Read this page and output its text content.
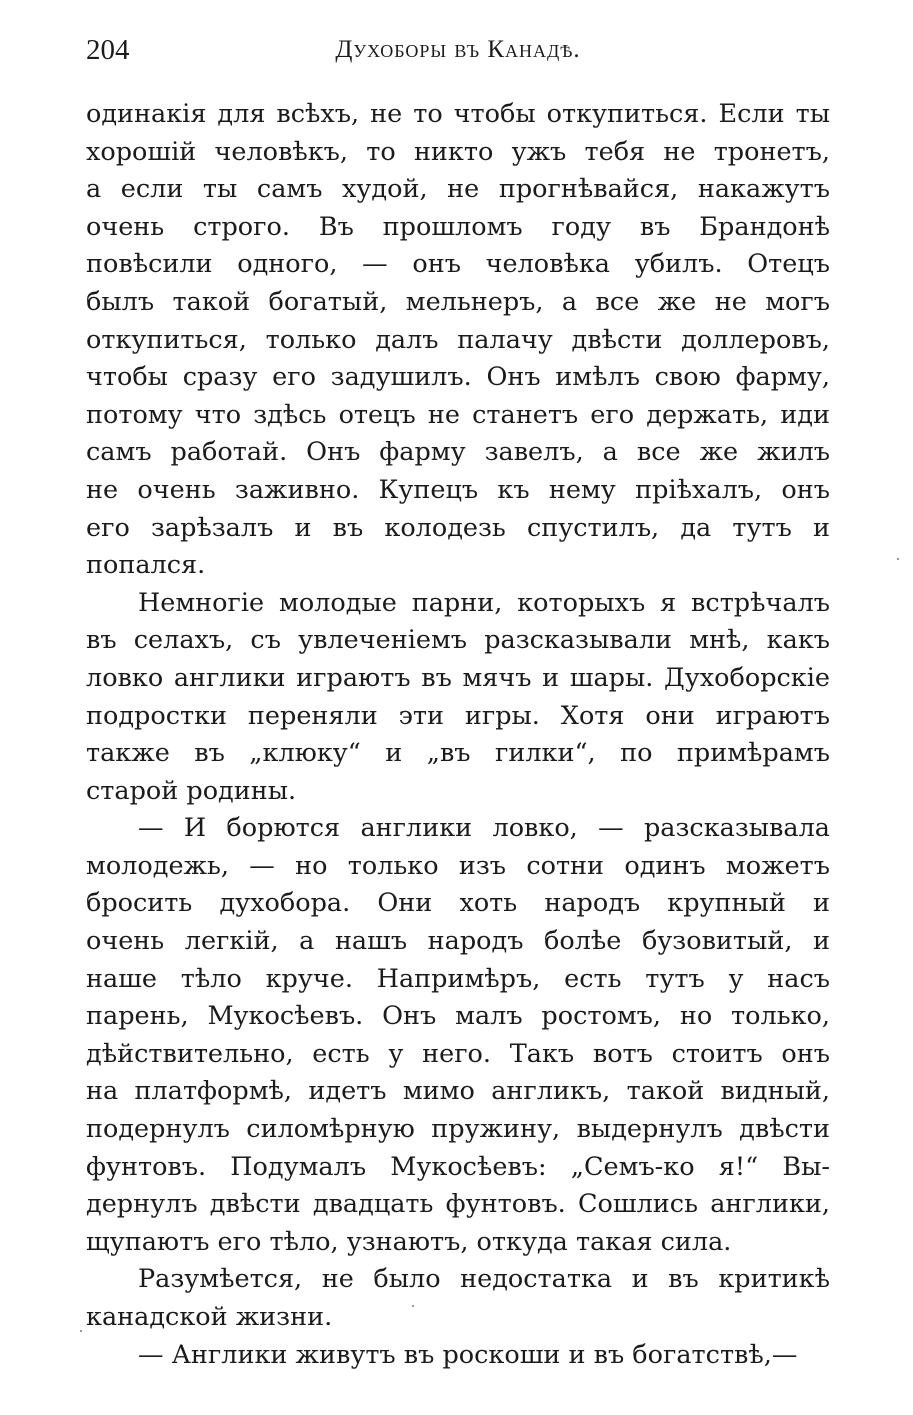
204	Духоборы въ Канадѣ.
одинакія для всѣхъ, не то чтобы откупиться. Если ты
хорошій человѣкъ, то никто ужъ тебя не тронетъ,
а если ты самъ худой, не прогнѣвайся, накажутъ
очень строго. Въ прошломъ году въ Брандонѣ
повѣсили одного, — онъ человѣка убилъ. Отецъ
былъ такой богатый, мельнеръ, а все же не могъ
откупиться, только далъ палачу двѣсти доллеровъ,
чтобы сразу его задушилъ. Онъ имѣлъ свою фарму,
потому что здѣсь отецъ не станетъ его держать, иди
самъ работай. Онъ фарму завелъ, а все же жилъ
не очень заживно. Купецъ къ нему пріѣхалъ, онъ
его зарѣзалъ и въ колодезь спустилъ, да тутъ и
попался.
Немногіе молодые парни, которыхъ я встрѣчалъ
въ селахъ, съ увлеченіемъ разсказывали мнѣ, какъ
ловко англики играютъ въ мячъ и шары. Духоборскіе
подростки переняли эти игры. Хотя они играютъ
также въ „клюку“ и „въ гилки“, по примѣрамъ
старой родины.
— И борются англики ловко, — разсказывала
молодежь, — но только изъ сотни одинъ можетъ
бросить духобора. Они хоть народъ крупный и
очень легкій, а нашъ народъ болѣе бузовитый, и
наше тѣло круче. Напримѣръ, есть тутъ у насъ
парень, Мукосѣевъ. Онъ малъ ростомъ, но только,
дѣйствительно, есть у него. Такъ вотъ стоитъ онъ
на платформѣ, идетъ мимо англикъ, такой видный,
подернулъ силомѣрную пружину, выдернулъ двѣсти
фунтовъ. Подумалъ Мукосѣевъ: „Семъ-ко я!“ Вы-
дернулъ двѣсти двадцать фунтовъ. Сошлись англики,
щупаютъ его тѣло, узнаютъ, откуда такая сила.
Разумѣется, не было недостатка и въ критикѣ
канадской жизни.
— Англики живутъ въ роскоши и въ богатствѣ,—
